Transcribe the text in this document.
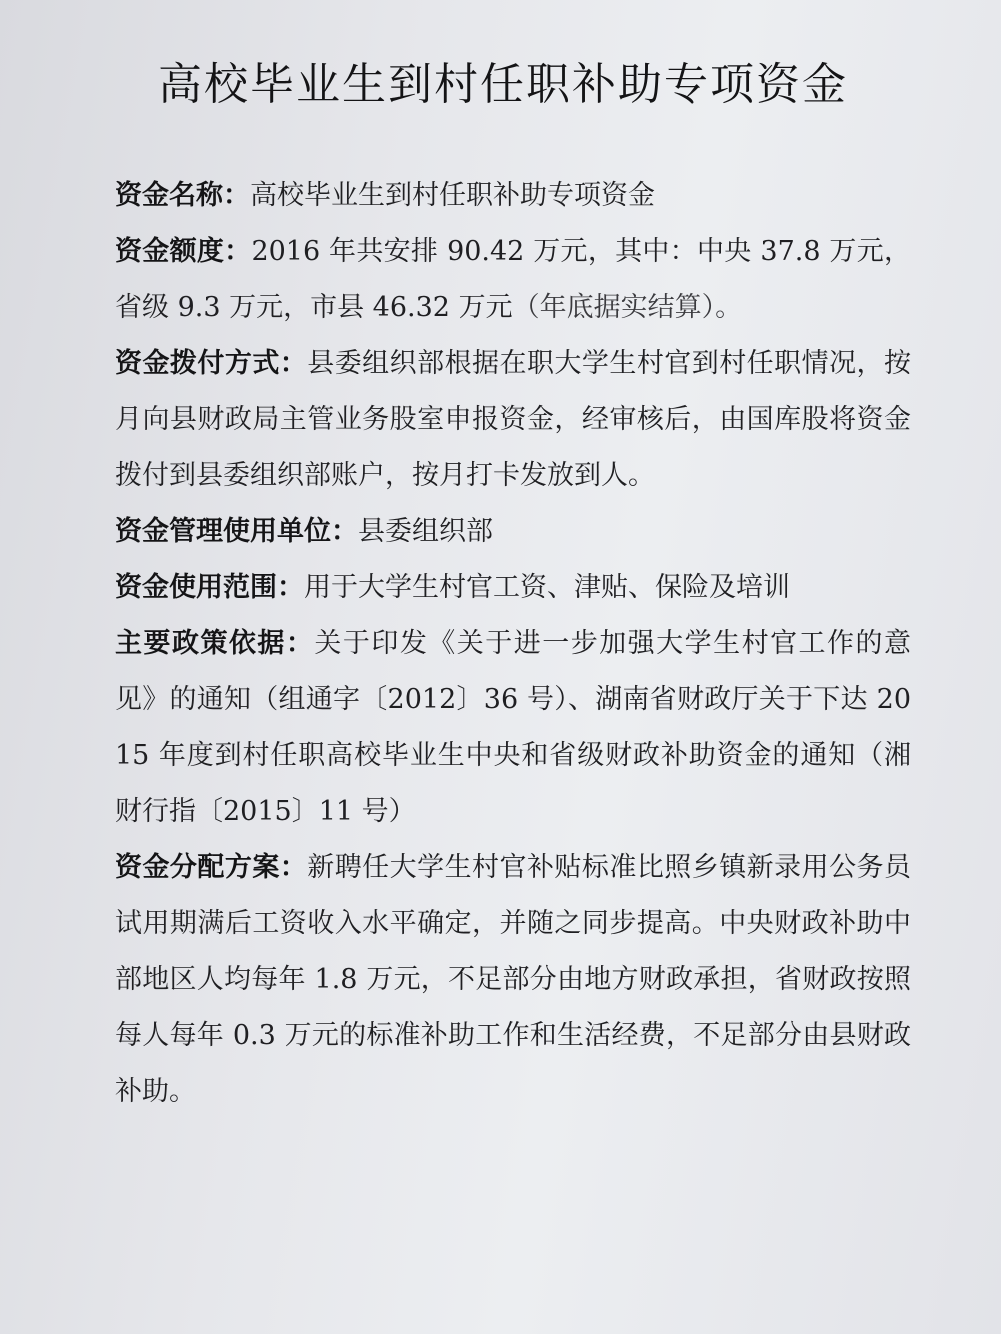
高校毕业生到村任职补助专项资金

资金名称：高校毕业生到村任职补助专项资金

资金额度：2016 年共安排 90.42 万元，其中：中央 37.8 万元，省级 9.3 万元，市县 46.32 万元（年底据实结算）。

资金拨付方式：县委组织部根据在职大学生村官到村任职情况，按月向县财政局主管业务股室申报资金，经审核后，由国库股将资金拨付到县委组织部账户，按月打卡发放到人。

资金管理使用单位：县委组织部

资金使用范围：用于大学生村官工资、津贴、保险及培训

主要政策依据：关于印发《关于进一步加强大学生村官工作的意见》的通知（组通字〔2012〕36 号）、湖南省财政厅关于下达 2015 年度到村任职高校毕业生中央和省级财政补助资金的通知（湘财行指〔2015〕11 号）

资金分配方案：新聘任大学生村官补贴标准比照乡镇新录用公务员试用期满后工资收入水平确定，并随之同步提高。中央财政补助中部地区人均每年 1.8 万元，不足部分由地方财政承担，省财政按照每人每年 0.3 万元的标准补助工作和生活经费，不足部分由县财政补助。
